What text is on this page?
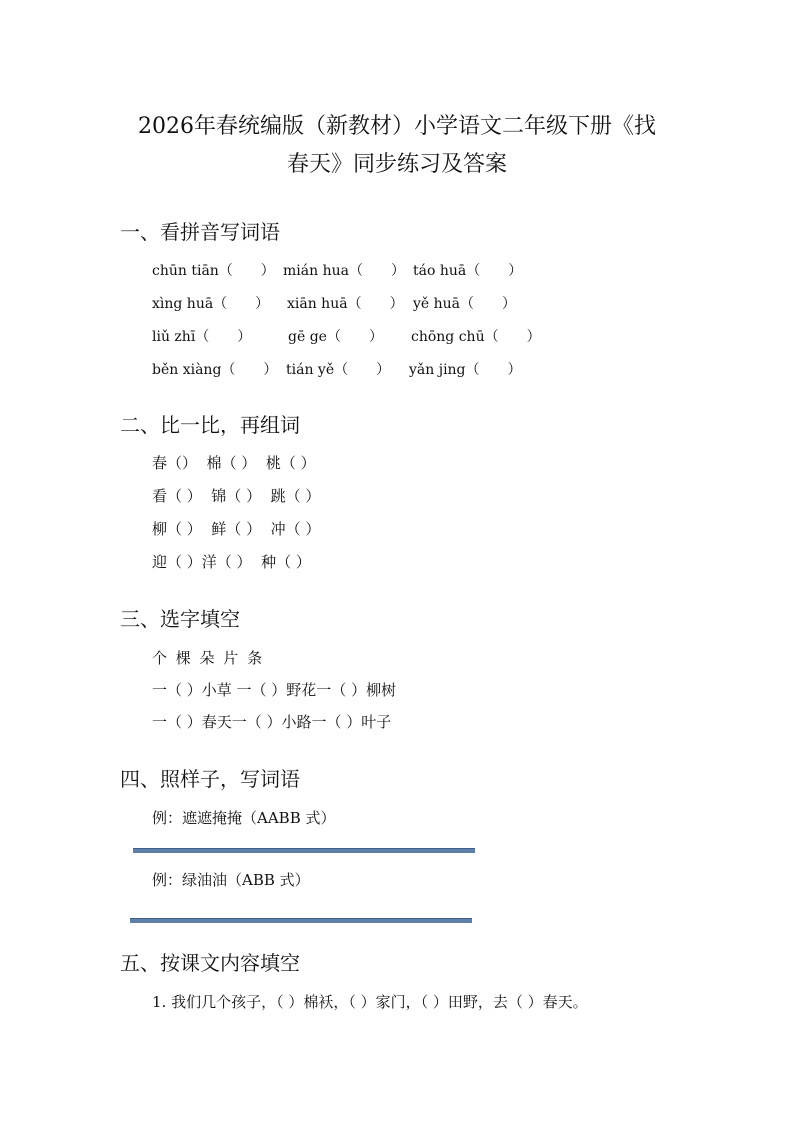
2026年春统编版（新教材）小学语文二年级下册《找
春天》同步练习及答案
一、看拼音写词语
chūn tiān（　　） mián hua（　　） táo huā（　　）
xìng huā（　　） xiān huā（　　） yě huā（　　）
liǔ zhī（　　）	gē ge（　　） chōng chū（　　）
běn xiàng（　　） tián yě（　　） yǎn jing（　　）
二、比一比，再组词
春（）  棉（ ）  桃（ ）
看（ ）  锦（ ）  跳（ ）
柳（ ）  鲜（ ）  冲（ ）
迎（ ）洋（ ）  种（ ）
三、选字填空
个 棵 朵 片 条
一（ ）小草 一（ ）野花一（ ）柳树
一（ ）春天一（ ）小路一（ ）叶子
四、照样子，写词语
例：遮遮掩掩（AABB 式）
例：绿油油（ABB 式）
五、按课文内容填空
1. 我们几个孩子，（ ）棉袄，（ ）家门，（ ）田野，去（ ）春天。
